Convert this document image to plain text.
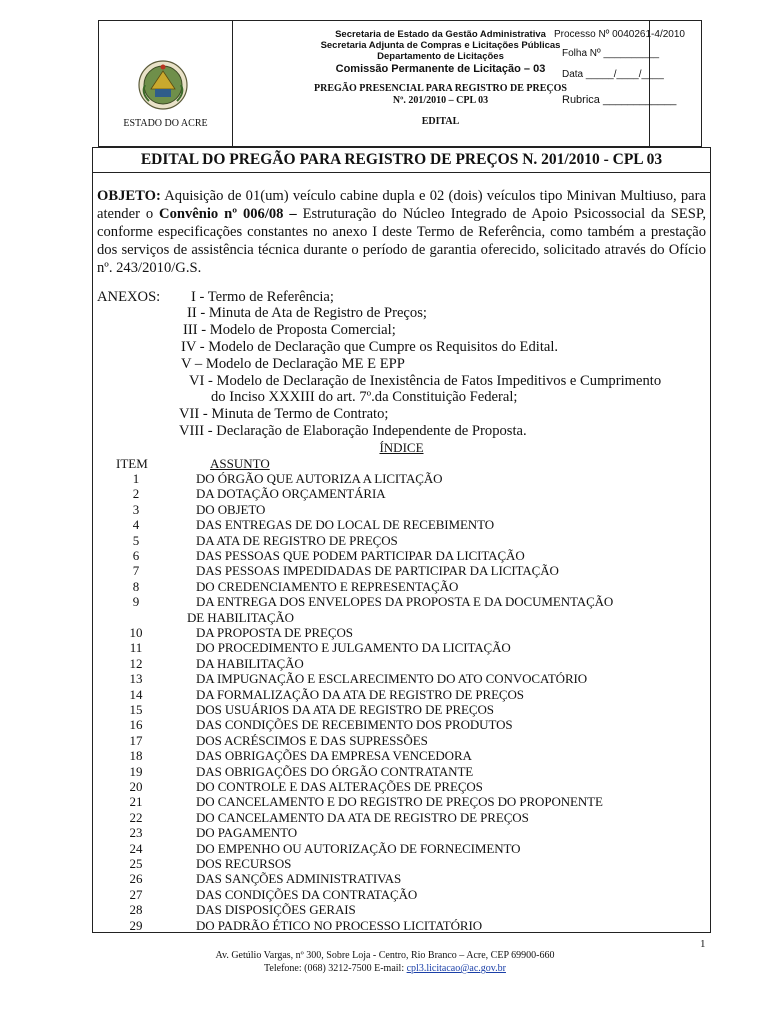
ESTADO DO ACRE
Secretaria de Estado da Gestão Administrativa
Secretaria Adjunta de Compras e Licitações Públicas
Departamento de Licitações
Comissão Permanente de Licitação – 03
PREGÃO PRESENCIAL PARA REGISTRO DE PREÇOS
Nº. 201/2010 – CPL 03
EDITAL
Processo Nº 0040261-4/2010
Folha Nº __________
Data _____/____/____
Rubrica ____________
EDITAL DO PREGÃO PARA REGISTRO DE PREÇOS N. 201/2010 - CPL 03
OBJETO: Aquisição de 01(um) veículo cabine dupla e 02 (dois) veículos tipo Minivan Multiuso, para atender o Convênio nº 006/08 – Estruturação do Núcleo Integrado de Apoio Psicossocial da SESP, conforme especificações constantes no anexo I deste Termo de Referência, como também a prestação dos serviços de assistência técnica durante o período de garantia oferecido, solicitado através do Ofício nº. 243/2010/G.S.
ANEXOS: I - Termo de Referência;
II - Minuta de Ata de Registro de Preços;
III - Modelo de Proposta Comercial;
IV - Modelo de Declaração que Cumpre os Requisitos do Edital.
V – Modelo de Declaração ME E EPP
VI - Modelo de Declaração de Inexistência de Fatos Impeditivos e Cumprimento
do Inciso XXXIII do art. 7º.da Constituição Federal;
VII - Minuta de Termo de Contrato;
VIII - Declaração de Elaboração Independente de Proposta.
ÍNDICE
ITEM	ASSUNTO
1	DO ÓRGÃO QUE AUTORIZA A LICITAÇÃO
2	DA DOTAÇÃO ORÇAMENTÁRIA
3	DO OBJETO
4	DAS ENTREGAS DE DO LOCAL DE RECEBIMENTO
5	DA ATA DE REGISTRO DE PREÇOS
6	DAS PESSOAS QUE PODEM PARTICIPAR DA LICITAÇÃO
7	DAS PESSOAS IMPEDIDADAS DE PARTICIPAR DA LICITAÇÃO
8	DO CREDENCIAMENTO E REPRESENTAÇÃO
9	DA ENTREGA DOS ENVELOPES DA PROPOSTA E DA DOCUMENTAÇÃO
DE HABILITAÇÃO
10	DA PROPOSTA DE PREÇOS
11	DO PROCEDIMENTO E JULGAMENTO DA LICITAÇÃO
12	DA HABILITAÇÃO
13	DA IMPUGNAÇÃO E ESCLARECIMENTO DO ATO CONVOCATÓRIO
14	DA FORMALIZAÇÃO DA ATA DE REGISTRO DE PREÇOS
15	DOS USUÁRIOS DA ATA DE REGISTRO DE PREÇOS
16	DAS CONDIÇÕES DE RECEBIMENTO DOS PRODUTOS
17	DOS ACRÉSCIMOS E DAS SUPRESSÕES
18	DAS OBRIGAÇÕES DA EMPRESA VENCEDORA
19	DAS OBRIGAÇÕES DO ÓRGÃO CONTRATANTE
20	DO CONTROLE E DAS ALTERAÇÕES DE PREÇOS
21	DO CANCELAMENTO E DO REGISTRO DE PREÇOS DO PROPONENTE
22	DO CANCELAMENTO DA ATA DE REGISTRO DE PREÇOS
23	DO PAGAMENTO
24	DO EMPENHO OU AUTORIZAÇÃO DE FORNECIMENTO
25	DOS RECURSOS
26	DAS SANÇÕES ADMINISTRATIVAS
27	DAS CONDIÇÕES DA CONTRATAÇÃO
28	DAS DISPOSIÇÕES GERAIS
29	DO PADRÃO ÉTICO NO PROCESSO LICITATÓRIO
1
Av. Getúlio Vargas, nº 300, Sobre Loja - Centro, Rio Branco – Acre, CEP 69900-660
Telefone: (068) 3212-7500 E-mail: cpl3.licitacao@ac.gov.br
